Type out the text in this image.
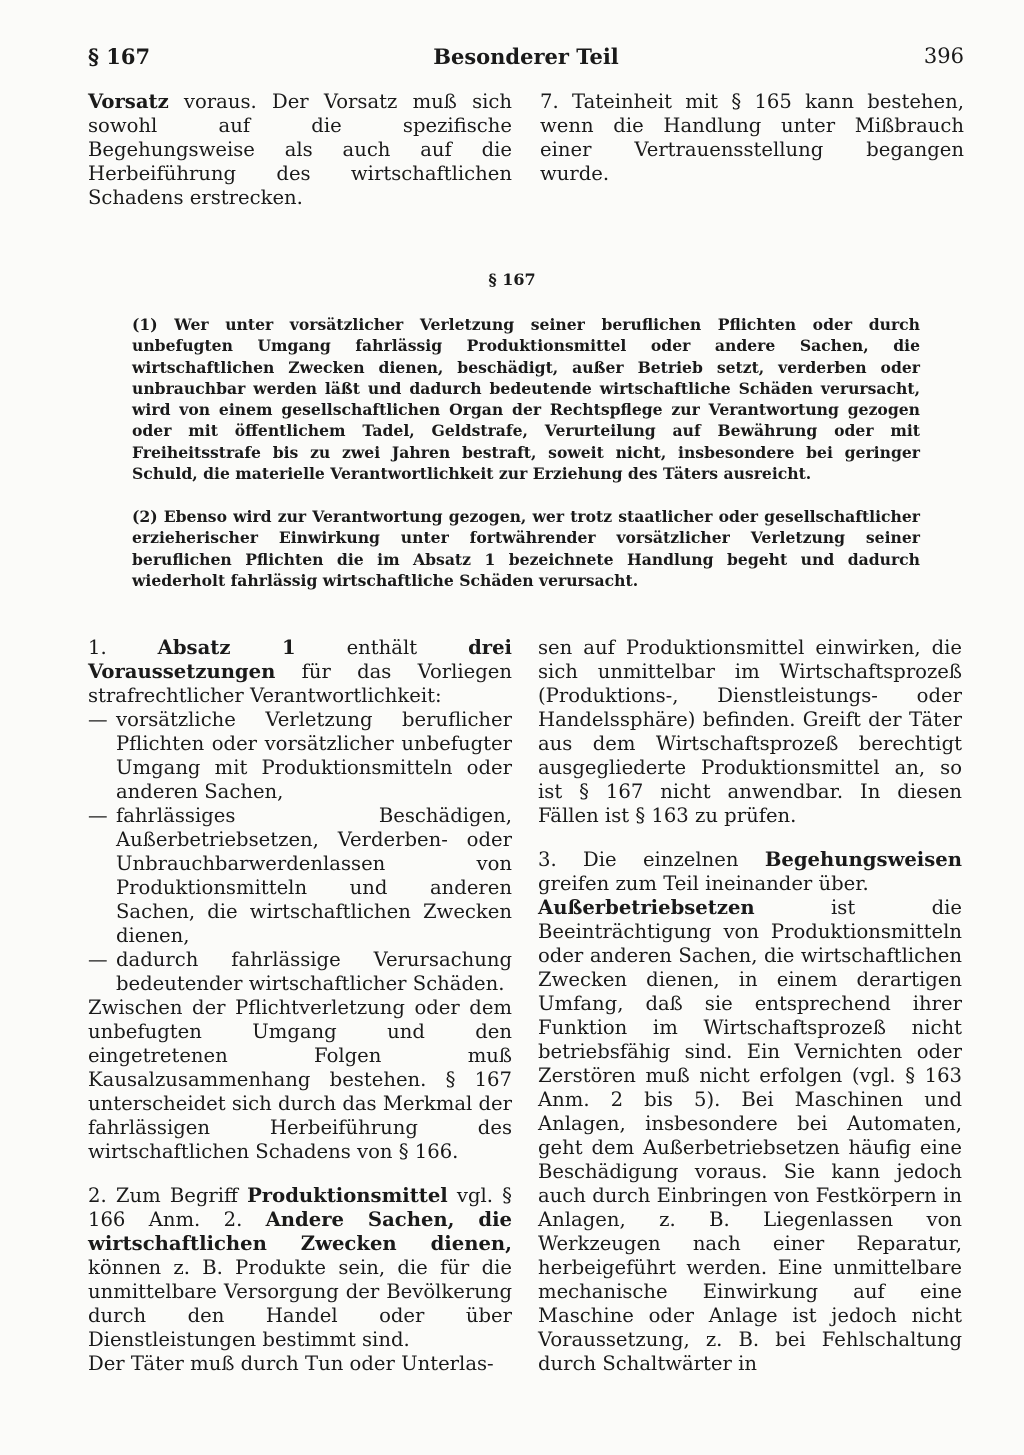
§ 167	Besonderer Teil	396

Vorsatz voraus. Der Vorsatz muß sich sowohl auf die spezifische Begehungsweise als auch auf die Herbeiführung des wirtschaftlichen Schadens erstrecken.

7. Tateinheit mit § 165 kann bestehen, wenn die Handlung unter Mißbrauch einer Vertrauensstellung begangen wurde.

§ 167
(1) Wer unter vorsätzlicher Verletzung seiner beruflichen Pflichten oder durch unbefugten Umgang fahrlässig Produktionsmittel oder andere Sachen, die wirtschaftlichen Zwecken dienen, beschädigt, außer Betrieb setzt, verderben oder unbrauchbar werden läßt und dadurch bedeutende wirtschaftliche Schäden verursacht, wird von einem gesellschaftlichen Organ der Rechtspflege zur Verantwortung gezogen oder mit öffentlichem Tadel, Geldstrafe, Verurteilung auf Bewährung oder mit Freiheitsstrafe bis zu zwei Jahren bestraft, soweit nicht, insbesondere bei geringer Schuld, die materielle Verantwortlichkeit zur Erziehung des Täters ausreicht.
(2) Ebenso wird zur Verantwortung gezogen, wer trotz staatlicher oder gesellschaftlicher erzieherischer Einwirkung unter fortwährender vorsätzlicher Verletzung seiner beruflichen Pflichten die im Absatz 1 bezeichnete Handlung begeht und dadurch wiederholt fahrlässig wirtschaftliche Schäden verursacht.

1.	Absatz 1 enthält drei Voraussetzungen für das Vorliegen strafrechtlicher Verantwortlichkeit:

— vorsätzliche Verletzung beruflicher Pflichten oder vorsätzlicher unbefugter Umgang mit Produktionsmitteln oder anderen Sachen,
— fahrlässiges Beschädigen, Außerbetriebsetzen, Verderben- oder Unbrauchbarwerdenlassen von Produktionsmitteln und anderen Sachen, die wirtschaftlichen Zwecken dienen,
— dadurch fahrlässige Verursachung bedeutender wirtschaftlicher Schäden.

Zwischen der Pflichtverletzung oder dem unbefugten Umgang und den eingetretenen Folgen muß Kausalzusammenhang bestehen. § 167 unterscheidet sich durch das Merkmal der fahrlässigen Herbeiführung des wirtschaftlichen Schadens von § 166.

2. Zum Begriff Produktionsmittel vgl. § 166 Anm. 2. Andere Sachen, die wirtschaftlichen Zwecken dienen, können z. B. Produkte sein, die für die unmittelbare Versorgung der Bevölkerung durch den Handel oder über Dienstleistungen bestimmt sind.

Der Täter muß durch Tun oder Unterlas-

sen auf Produktionsmittel einwirken, die sich unmittelbar im Wirtschaftsprozeß (Produktions-, Dienstleistungs- oder Handelssphäre) befinden. Greift der Täter aus dem Wirtschaftsprozeß berechtigt ausgegliederte Produktionsmittel an, so ist § 167 nicht anwendbar. In diesen Fällen ist § 163 zu prüfen.

3. Die einzelnen Begehungsweisen greifen zum Teil ineinander über.

Außerbetriebsetzen ist die Beeinträchtigung von Produktionsmitteln oder anderen Sachen, die wirtschaftlichen Zwecken dienen, in einem derartigen Umfang, daß sie entsprechend ihrer Funktion im Wirtschaftsprozeß nicht betriebsfähig sind. Ein Vernichten oder Zerstören muß nicht erfolgen (vgl. § 163 Anm. 2 bis 5). Bei Maschinen und Anlagen, insbesondere bei Automaten, geht dem Außerbetriebsetzen häufig eine Beschädigung voraus. Sie kann jedoch auch durch Einbringen von Festkörpern in Anlagen, z. B. Liegenlassen von Werkzeugen nach einer Reparatur, herbeigeführt werden. Eine unmittelbare mechanische Einwirkung auf eine Maschine oder Anlage ist jedoch nicht Voraussetzung, z. B. bei Fehlschaltung durch Schaltwärter in
